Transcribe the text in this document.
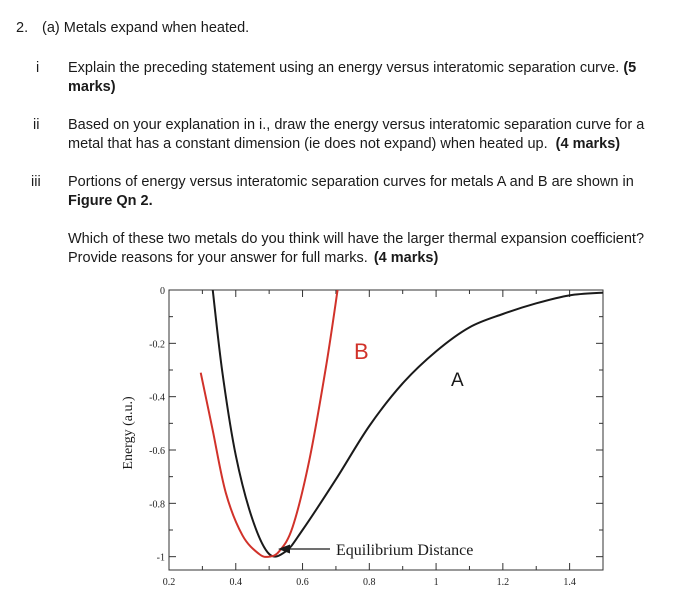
2. (a) Metals expand when heated.
i Explain the preceding statement using an energy versus interatomic separation curve. (5
marks)
ii Based on your explanation in i., draw the energy versus interatomic separation curve for a
metal that has a constant dimension (ie does not expand) when heated up. (4 marks)
iii Portions of energy versus interatomic separation curves for metals A and B are shown in
Figure Qn 2.
Which of these two metals do you think will have the larger thermal expansion coefficient?
Provide reasons for your answer for full marks. (4 marks)
0.2	0.4	0.6	0.8	1	1.2	1.4
0
-0.2
-0.4
-0.6
-0.8
-1
Energy (a.u.)
B
A
Equilibrium Distance
